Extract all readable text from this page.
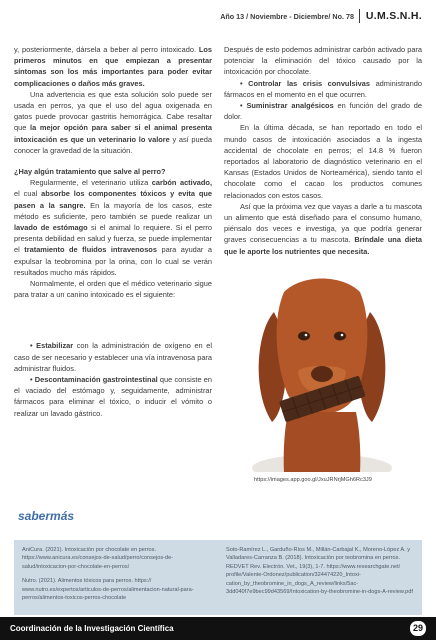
Año 13 / Noviembre - Diciembre/ No. 78 U.M.S.N.H.

y, posteriormente, dársela a beber al perro intoxicado. Los primeros minutos en que empiezan a presentar síntomas son los más importantes para poder evitar complicaciones o daños más graves.

Una advertencia es que esta solución solo puede ser usada en perros, ya que el uso del agua oxigenada en gatos puede provocar gastritis hemorrágica. Cabe resaltar que la mejor opción para saber si el animal presenta intoxicación es que un veterinario lo valore y así pueda conocer la gravedad de la situación.

¿Hay algún tratamiento que salve al perro?

Regularmente, el veterinario utiliza carbón activado, el cual absorbe los componentes tóxicos y evita que pasen a la sangre. En la mayoría de los casos, este método es suficiente, pero también se puede realizar un lavado de estómago si el animal lo requiere. Si el perro presenta debilidad en salud y fuerza, se puede implementar el tratamiento de fluidos intravenosos para ayudar a expulsar la teobromina por la orina, con lo cual se verán resultados mucho más rápidos.

Normalmente, el orden que el médico veterinario sigue para tratar a un canino intoxicado es el siguiente:

• Estabilizar con la administración de oxígeno en el caso de ser necesario y establecer una vía intravenosa para administrar fluidos.

• Descontaminación gastrointestinal que consiste en el vaciado del estómago y, seguidamente, administrar fármacos para eliminar el tóxico, o inducir el vómito o realizar un lavado gástrico.

Después de esto podemos administrar carbón activado para potenciar la eliminación del tóxico causado por la intoxicación por chocolate.

• Controlar las crisis convulsivas administrando fármacos en el momento en el que ocurren.

• Suministrar analgésicos en función del grado de dolor.

En la última década, se han reportado en todo el mundo casos de intoxicación asociados a la ingesta accidental de chocolate en perros; el 14.8 % fueron reportados al laboratorio de diagnóstico veterinario en el Kansas (Estados Unidos de Norteamérica), siendo tanto el chocolate como el cacao los productos comunes relacionados con estos casos.

Así que la próxima vez que vayas a darle a tu mascota un alimento que está diseñado para el consumo humano, piénsalo dos veces e investiga, ya que podría generar graves consecuencias a tu mascota. Bríndale una dieta que le aporte los nutrientes que necesita.

https://images.app.goo.gl/JxuJRNrjMGh6Rc3J9
sabermás

AniCura. (2021). Intoxicación por chocolate en perros. https://www.anicura.es/consejos-de-salud/perro/consejos-de-salud/intoxicacion-por-chocolate-en-perros/

Nutro. (2021). Alimentos tóxicos para perros. https:// www.nutro.es/expertos/articulos-de-perros/alimentacion-natural-para-perros/alimentos-toxicos-perros-chocolate

Soto-Ramírez L., Garduño-Ríos M., Millán-Carbajal K., Moreno-López A. y Valladares-Carranza B. (2018). Intoxicación por teobromina en perros. REDVET Rev. Electrón. Vet., 19(3), 1-7. https://www.researchgate.net/ profile/Valente-Ordonez/publication/324474220_Intoxication_by_theobromine_in_dogs_A_review/links/5ac3dd040f7e9bec99d43569/Intoxication-by-theobromine-in-dogs-A-review.pdf

Coordinación de la Investigación Científica	29
